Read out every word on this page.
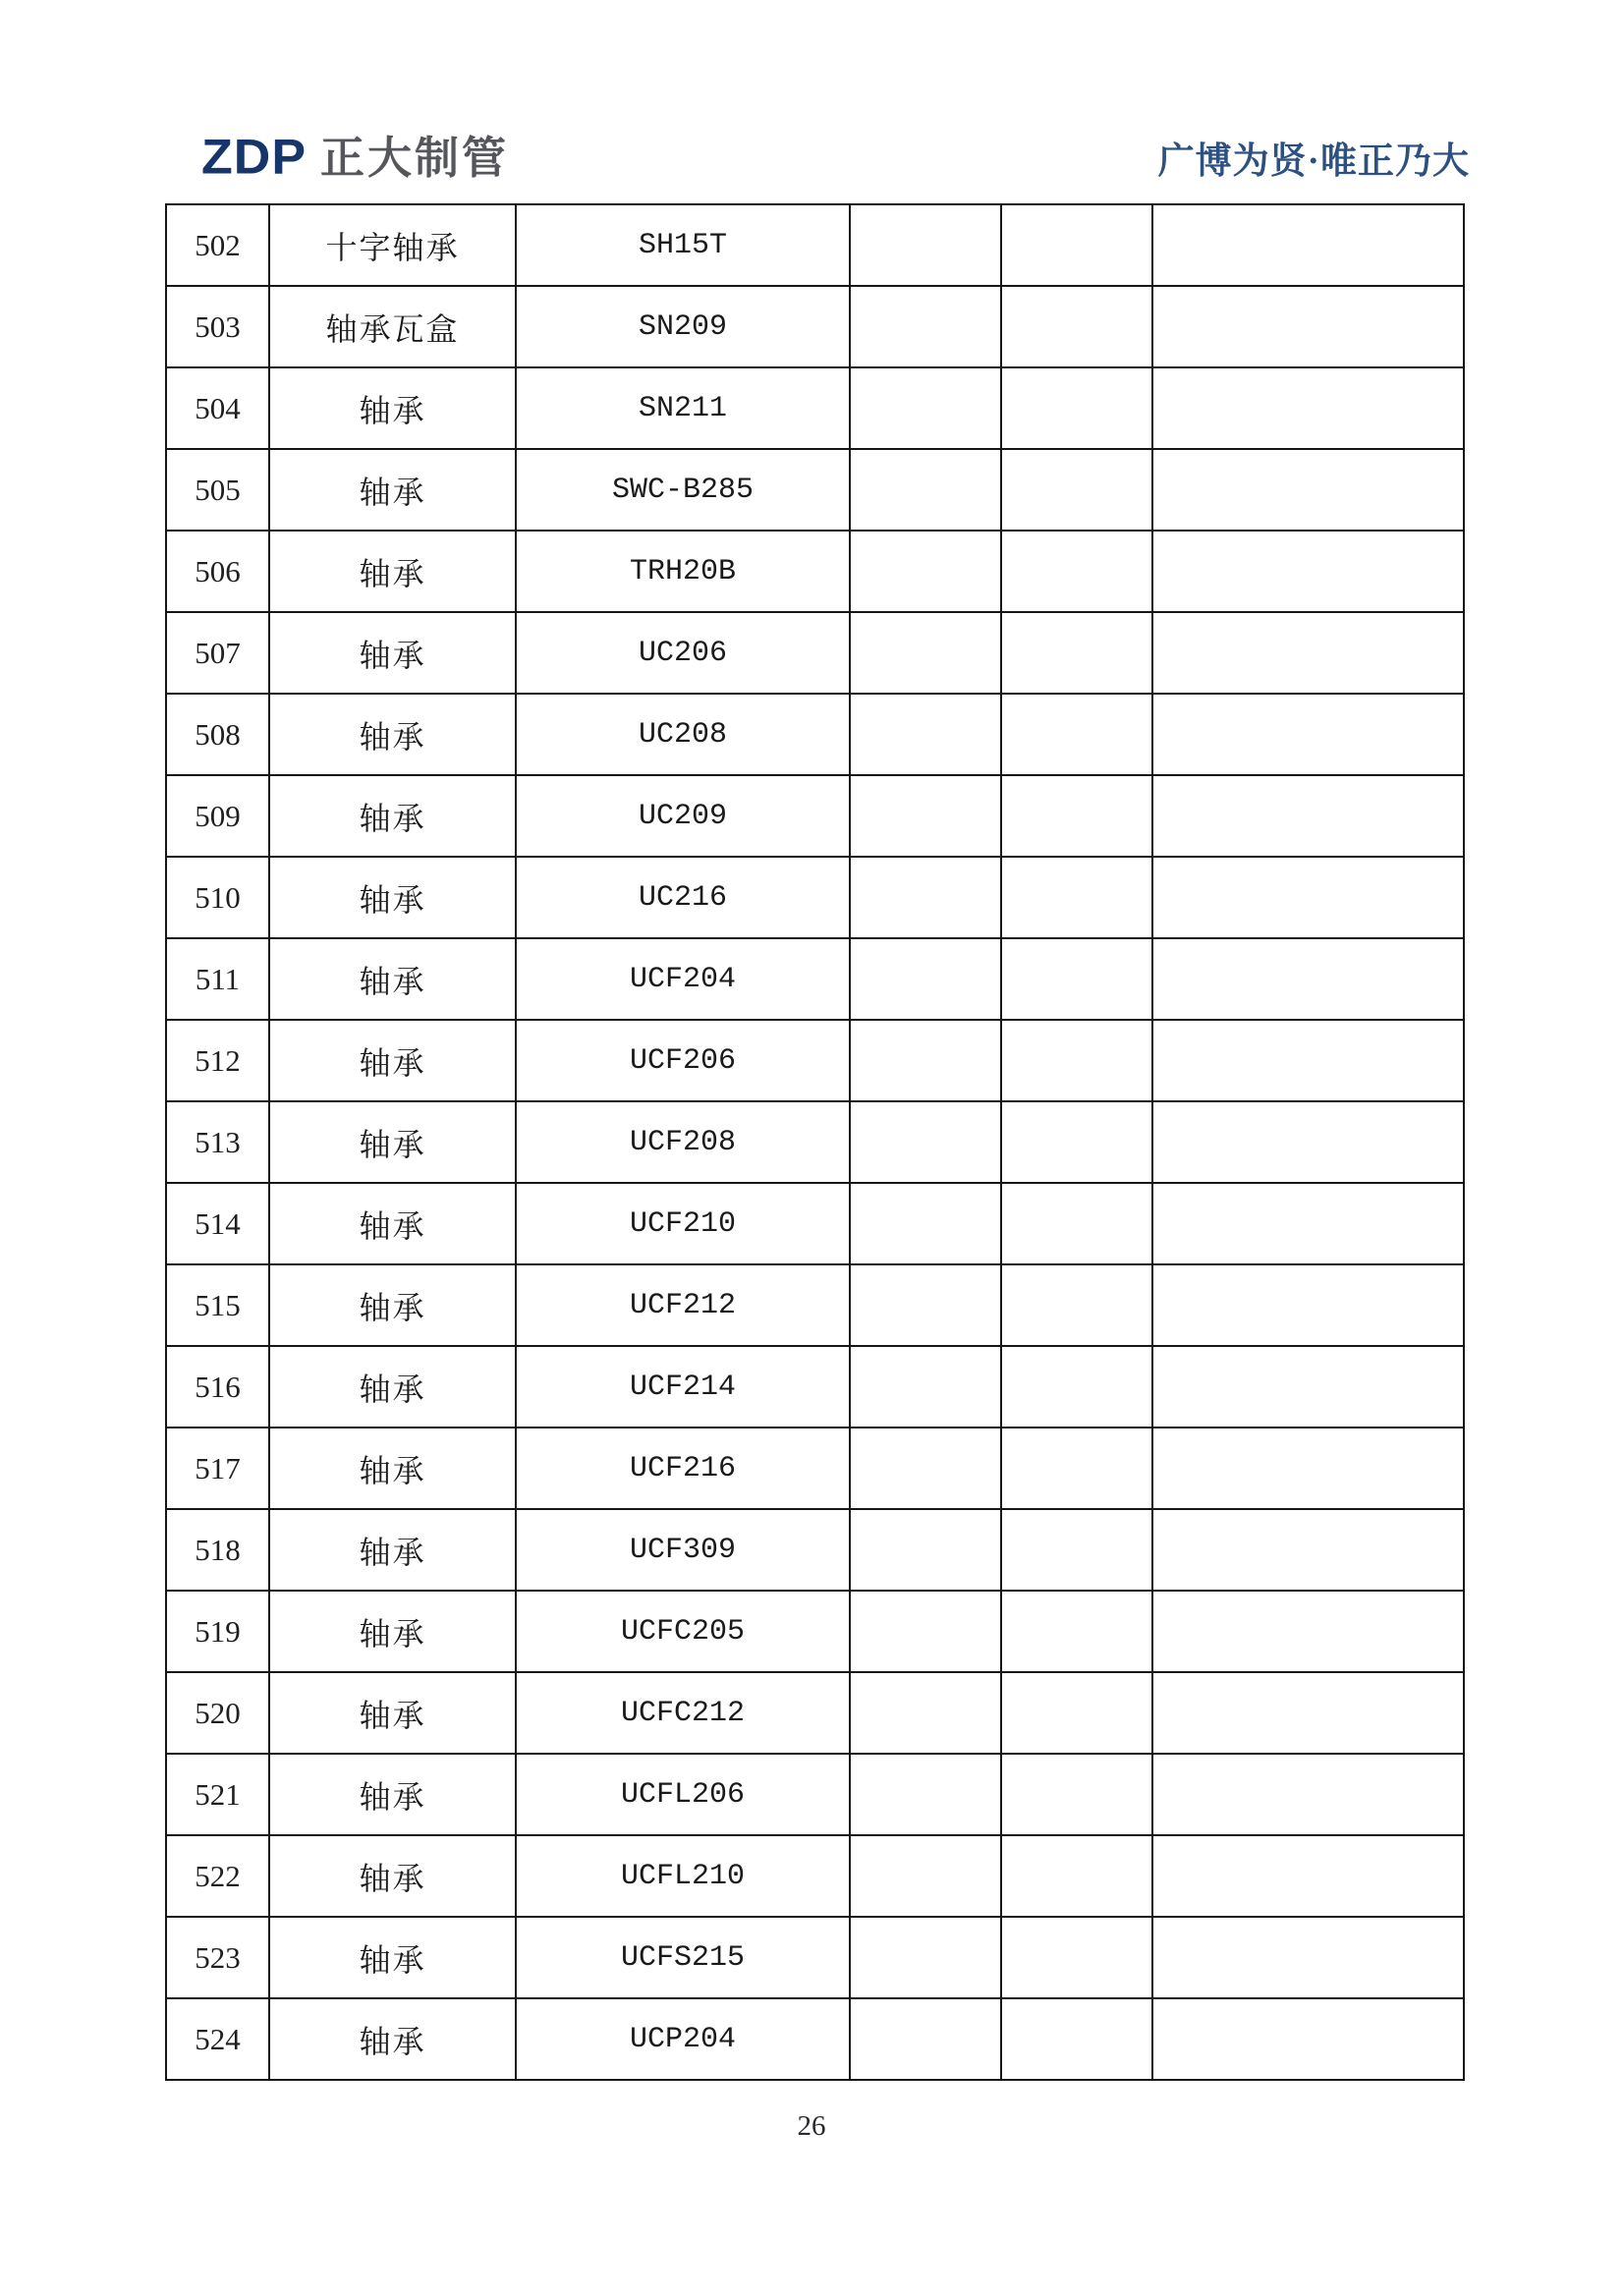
ZDP 正大制管	广博为贤·唯正乃大
502	十字轴承	SH15T			
503	轴承瓦盒	SN209			
504	轴承	SN211			
505	轴承	SWC-B285			
506	轴承	TRH20B			
507	轴承	UC206			
508	轴承	UC208			
509	轴承	UC209			
510	轴承	UC216			
511	轴承	UCF204			
512	轴承	UCF206			
513	轴承	UCF208			
514	轴承	UCF210			
515	轴承	UCF212			
516	轴承	UCF214			
517	轴承	UCF216			
518	轴承	UCF309			
519	轴承	UCFC205			
520	轴承	UCFC212			
521	轴承	UCFL206			
522	轴承	UCFL210			
523	轴承	UCFS215			
524	轴承	UCP204			
26
